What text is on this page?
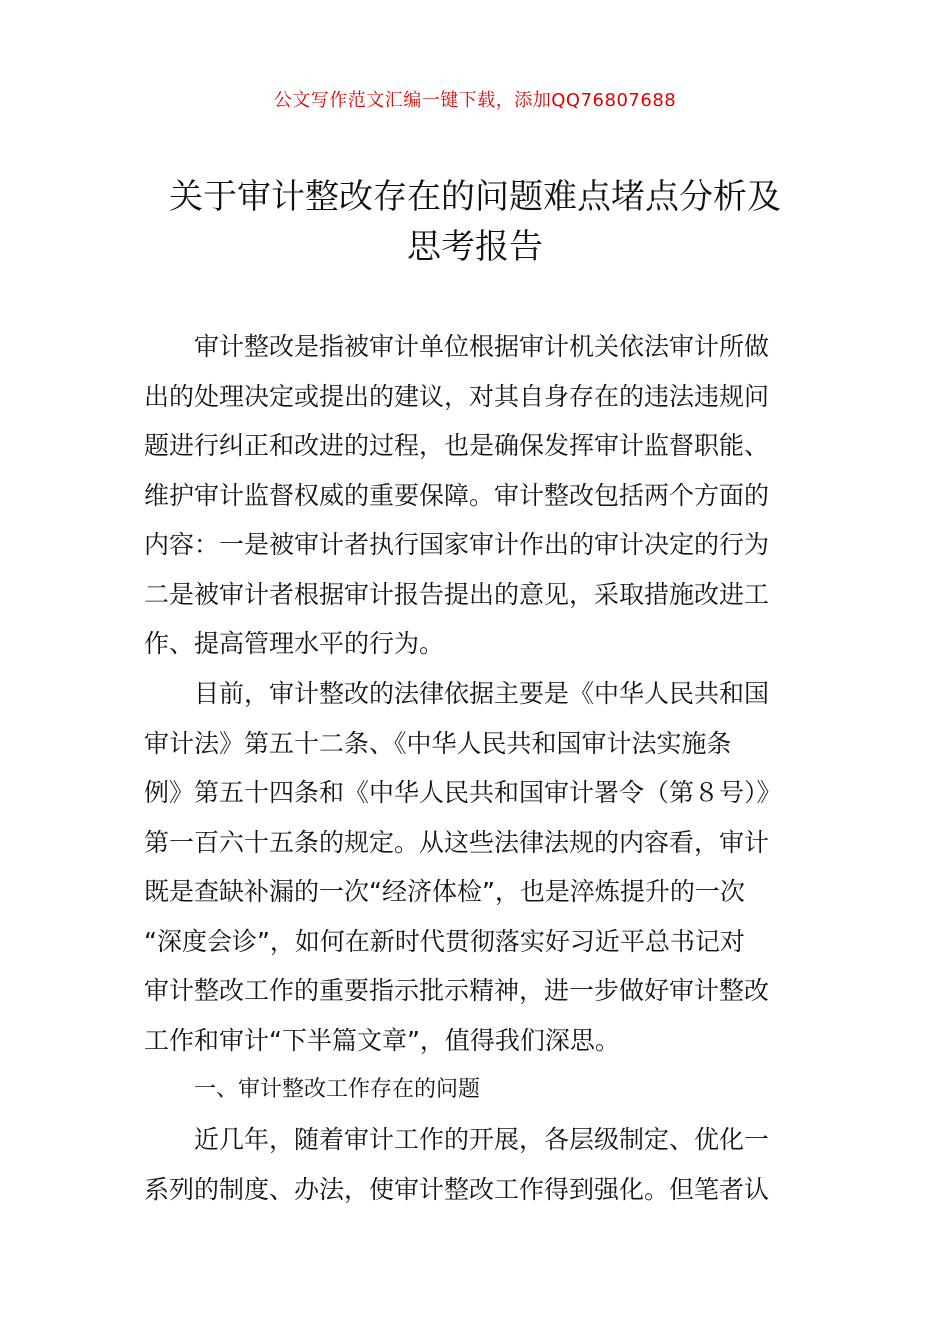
公文写作范文汇编一键下载，添加QQ76807688
关于审计整改存在的问题难点堵点分析及
思考报告
审计整改是指被审计单位根据审计机关依法审计所做
出的处理决定或提出的建议，对其自身存在的违法违规问
题进行纠正和改进的过程，也是确保发挥审计监督职能、
维护审计监督权威的重要保障。审计整改包括两个方面的
内容：一是被审计者执行国家审计作出的审计决定的行为
二是被审计者根据审计报告提出的意见，采取措施改进工
作、提高管理水平的行为。
目前，审计整改的法律依据主要是《中华人民共和国
审计法》第五十二条、《中华人民共和国审计法实施条
例》第五十四条和《中华人民共和国审计署令（第８号）》
第一百六十五条的规定。从这些法律法规的内容看，审计
既是查缺补漏的一次“经济体检”，也是淬炼提升的一次
“深度会诊”，如何在新时代贯彻落实好习近平总书记对
审计整改工作的重要指示批示精神，进一步做好审计整改
工作和审计“下半篇文章”，值得我们深思。
一、审计整改工作存在的问题
近几年，随着审计工作的开展，各层级制定、优化一
系列的制度、办法，使审计整改工作得到强化。但笔者认
